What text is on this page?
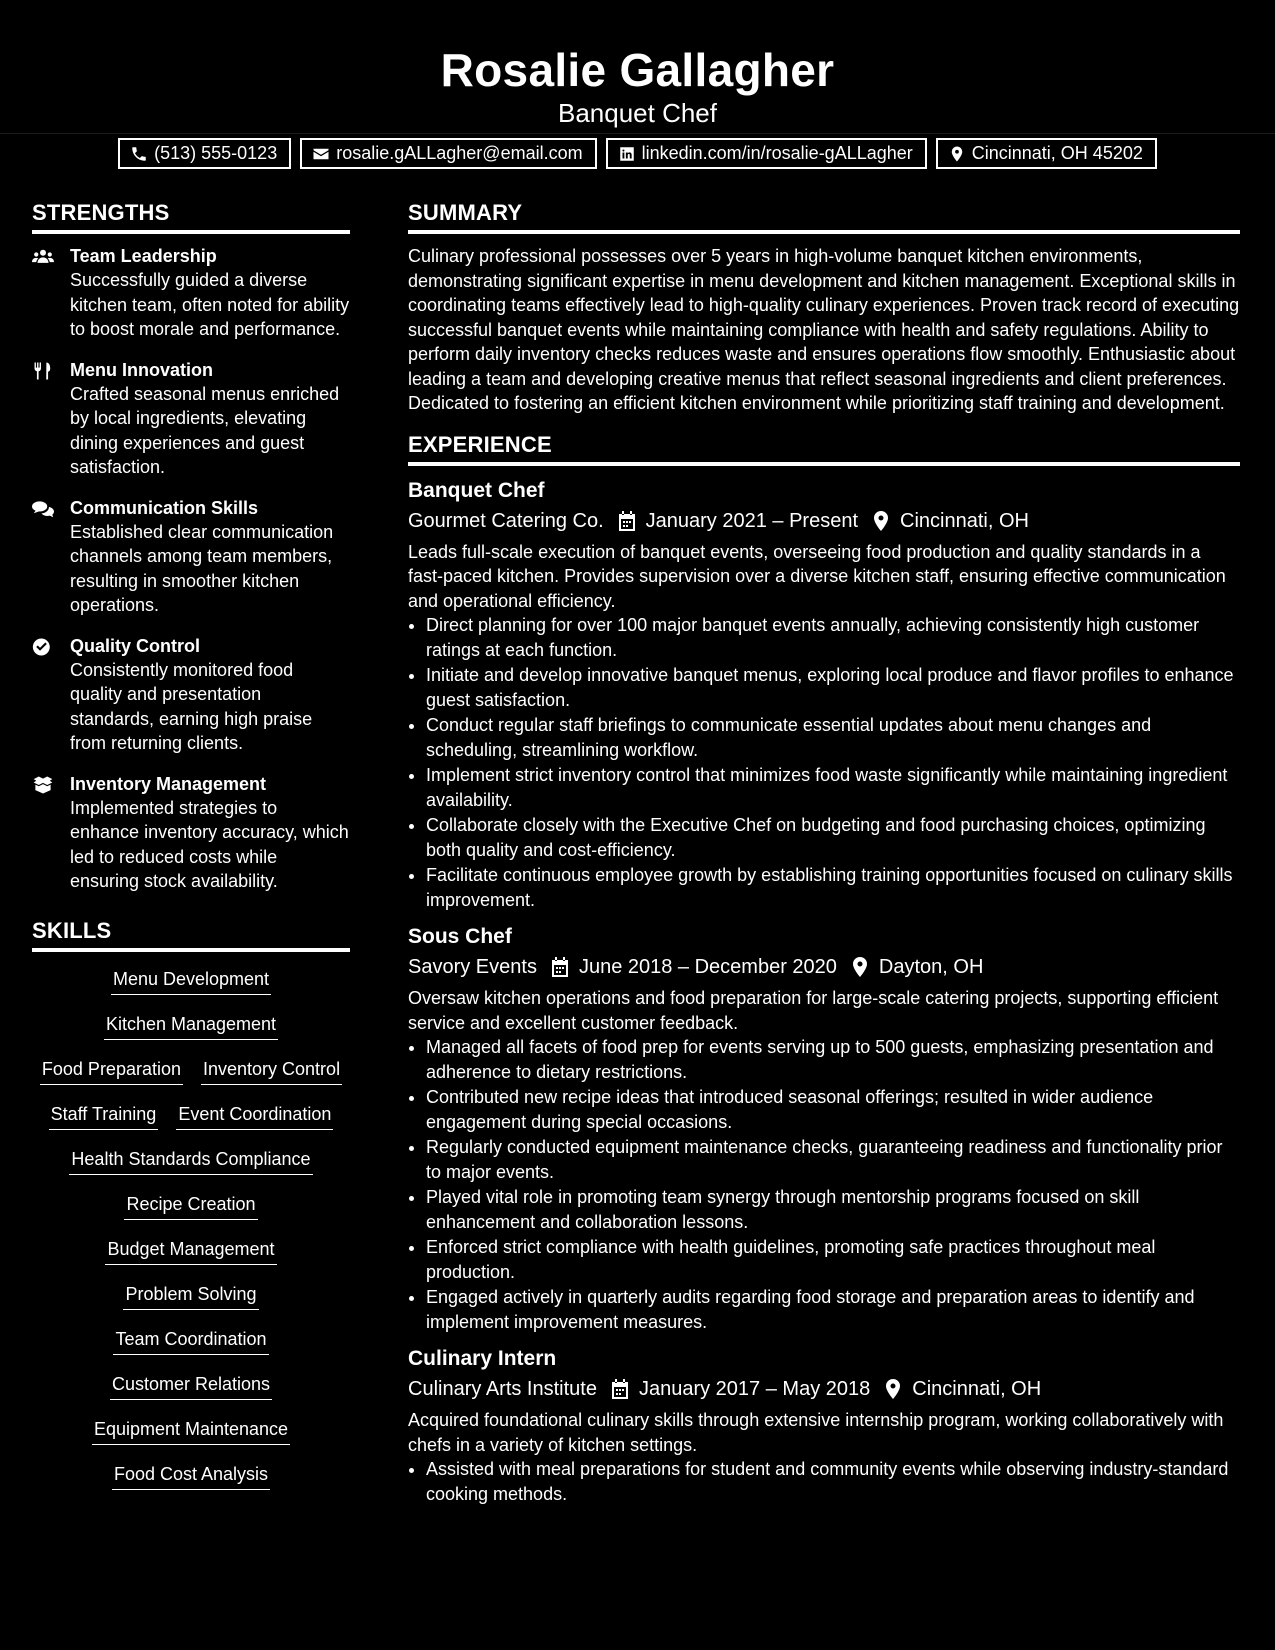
Rosalie Gallagher
Banquet Chef
(513) 555-0123	rosalie.gALLagher@email.com	linkedin.com/in/rosalie-gALLagher	Cincinnati, OH 45202
STRENGTHS
Team Leadership
Successfully guided a diverse kitchen team, often noted for ability to boost morale and performance.
Menu Innovation
Crafted seasonal menus enriched by local ingredients, elevating dining experiences and guest satisfaction.
Communication Skills
Established clear communication channels among team members, resulting in smoother kitchen operations.
Quality Control
Consistently monitored food quality and presentation standards, earning high praise from returning clients.
Inventory Management
Implemented strategies to enhance inventory accuracy, which led to reduced costs while ensuring stock availability.
SKILLS
Menu Development
Kitchen Management
Food Preparation Inventory Control
Staff Training Event Coordination
Health Standards Compliance
Recipe Creation
Budget Management
Problem Solving
Team Coordination
Customer Relations
Equipment Maintenance
Food Cost Analysis
SUMMARY

Culinary professional possesses over 5 years in high-volume banquet kitchen environments, demonstrating significant expertise in menu development and kitchen management. Exceptional skills in coordinating teams effectively lead to high-quality culinary experiences. Proven track record of executing successful banquet events while maintaining compliance with health and safety regulations. Ability to perform daily inventory checks reduces waste and ensures operations flow smoothly. Enthusiastic about leading a team and developing creative menus that reflect seasonal ingredients and client preferences. Dedicated to fostering an efficient kitchen environment while prioritizing staff training and development.

EXPERIENCE
Banquet Chef
Gourmet Catering Co. January 2021 – Present Cincinnati, OH
Leads full-scale execution of banquet events, overseeing food production and quality standards in a fast-paced kitchen. Provides supervision over a diverse kitchen staff, ensuring effective communication and operational efficiency.
• Direct planning for over 100 major banquet events annually, achieving consistently high customer ratings at each function.
• Initiate and develop innovative banquet menus, exploring local produce and flavor profiles to enhance guest satisfaction.
• Conduct regular staff briefings to communicate essential updates about menu changes and scheduling, streamlining workflow.
• Implement strict inventory control that minimizes food waste significantly while maintaining ingredient availability.
• Collaborate closely with the Executive Chef on budgeting and food purchasing choices, optimizing both quality and cost-efficiency.
• Facilitate continuous employee growth by establishing training opportunities focused on culinary skills improvement.
Sous Chef
Savory Events June 2018 – December 2020 Dayton, OH
Oversaw kitchen operations and food preparation for large-scale catering projects, supporting efficient service and excellent customer feedback.
• Managed all facets of food prep for events serving up to 500 guests, emphasizing presentation and adherence to dietary restrictions.
• Contributed new recipe ideas that introduced seasonal offerings; resulted in wider audience engagement during special occasions.
• Regularly conducted equipment maintenance checks, guaranteeing readiness and functionality prior to major events.
• Played vital role in promoting team synergy through mentorship programs focused on skill enhancement and collaboration lessons.
• Enforced strict compliance with health guidelines, promoting safe practices throughout meal production.
• Engaged actively in quarterly audits regarding food storage and preparation areas to identify and implement improvement measures.
Culinary Intern
Culinary Arts Institute January 2017 – May 2018 Cincinnati, OH
Acquired foundational culinary skills through extensive internship program, working collaboratively with chefs in a variety of kitchen settings.
• Assisted with meal preparations for student and community events while observing industry-standard cooking methods.
